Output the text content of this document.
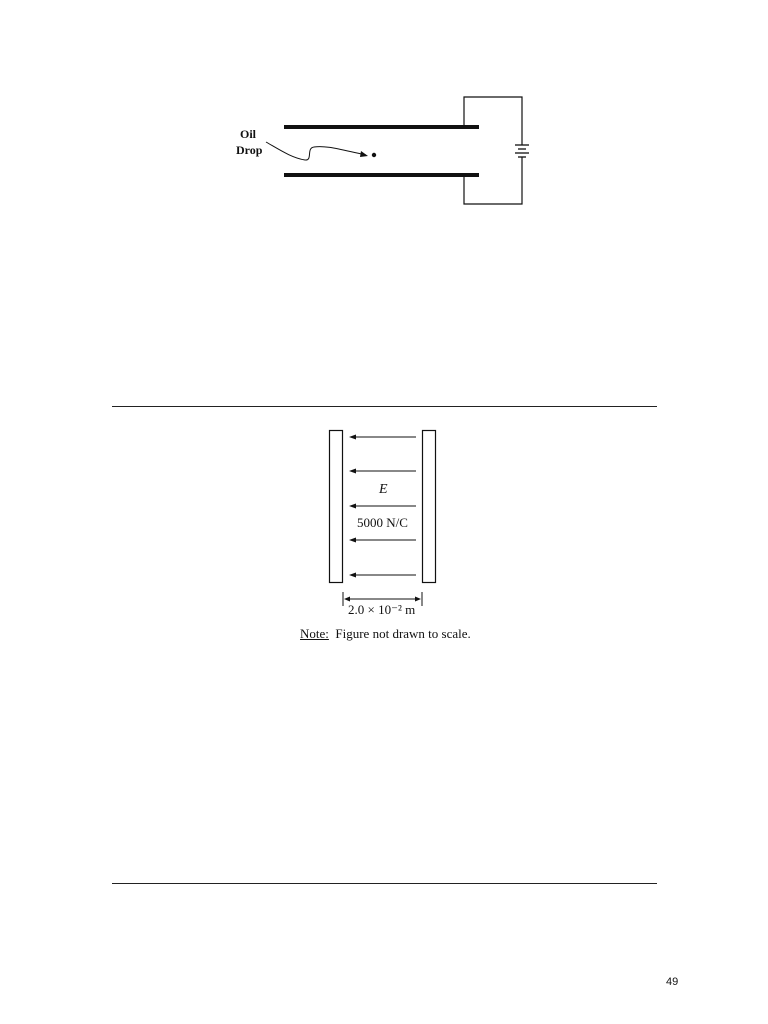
Oil
Drop
E
5000 N/C
2.0 × 10⁻² m
Note: Figure not drawn to scale.
49
